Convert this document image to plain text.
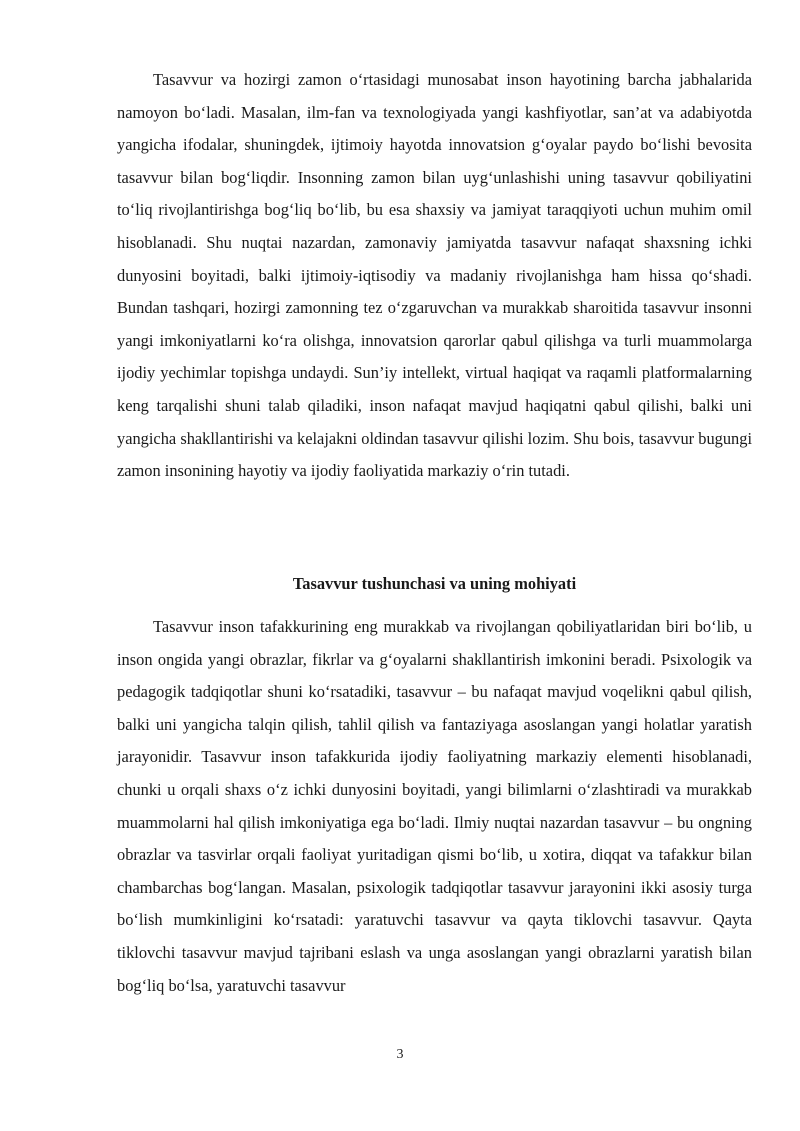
Tasavvur va hozirgi zamon o‘rtasidagi munosabat inson hayotining barcha jabhalarida namoyon bo‘ladi. Masalan, ilm-fan va texnologiyada yangi kashfiyotlar, san’at va adabiyotda yangicha ifodalar, shuningdek, ijtimoiy hayotda innovatsion g‘oyalar paydo bo‘lishi bevosita tasavvur bilan bog‘liqdir. Insonning zamon bilan uyg‘unlashishi uning tasavvur qobiliyatini to‘liq rivojlantirishga bog‘liq bo‘lib, bu esa shaxsiy va jamiyat taraqqiyoti uchun muhim omil hisoblanadi. Shu nuqtai nazardan, zamonaviy jamiyatda tasavvur nafaqat shaxsning ichki dunyosini boyitadi, balki ijtimoiy-iqtisodiy va madaniy rivojlanishga ham hissa qo‘shadi. Bundan tashqari, hozirgi zamonning tez o‘zgaruvchan va murakkab sharoitida tasavvur insonni yangi imkoniyatlarni ko‘ra olishga, innovatsion qarorlar qabul qilishga va turli muammolarga ijodiy yechimlar topishga undaydi. Sun’iy intellekt, virtual haqiqat va raqamli platformalarning keng tarqalishi shuni talab qiladiki, inson nafaqat mavjud haqiqatni qabul qilishi, balki uni yangicha shakllantirishi va kelajakni oldindan tasavvur qilishi lozim. Shu bois, tasavvur bugungi zamon insonining hayotiy va ijodiy faoliyatida markaziy o‘rin tutadi.

Tasavvur tushunchasi va uning mohiyati

Tasavvur inson tafakkurining eng murakkab va rivojlangan qobiliyatlaridan biri bo‘lib, u inson ongida yangi obrazlar, fikrlar va g‘oyalarni shakllantirish imkonini beradi. Psixologik va pedagogik tadqiqotlar shuni ko‘rsatadiki, tasavvur – bu nafaqat mavjud voqelikni qabul qilish, balki uni yangicha talqin qilish, tahlil qilish va fantaziyaga asoslangan yangi holatlar yaratish jarayonidir. Tasavvur inson tafakkurida ijodiy faoliyatning markaziy elementi hisoblanadi, chunki u orqali shaxs o‘z ichki dunyosini boyitadi, yangi bilimlarni o‘zlashtiradi va murakkab muammolarni hal qilish imkoniyatiga ega bo‘ladi. Ilmiy nuqtai nazardan tasavvur – bu ongning obrazlar va tasvirlar orqali faoliyat yuritadigan qismi bo‘lib, u xotira, diqqat va tafakkur bilan chambarchas bog‘langan. Masalan, psixologik tadqiqotlar tasavvur jarayonini ikki asosiy turga bo‘lish mumkinligini ko‘rsatadi: yaratuvchi tasavvur va qayta tiklovchi tasavvur. Qayta tiklovchi tasavvur mavjud tajribani eslash va unga asoslangan yangi obrazlarni yaratish bilan bog‘liq bo‘lsa, yaratuvchi tasavvur

3
